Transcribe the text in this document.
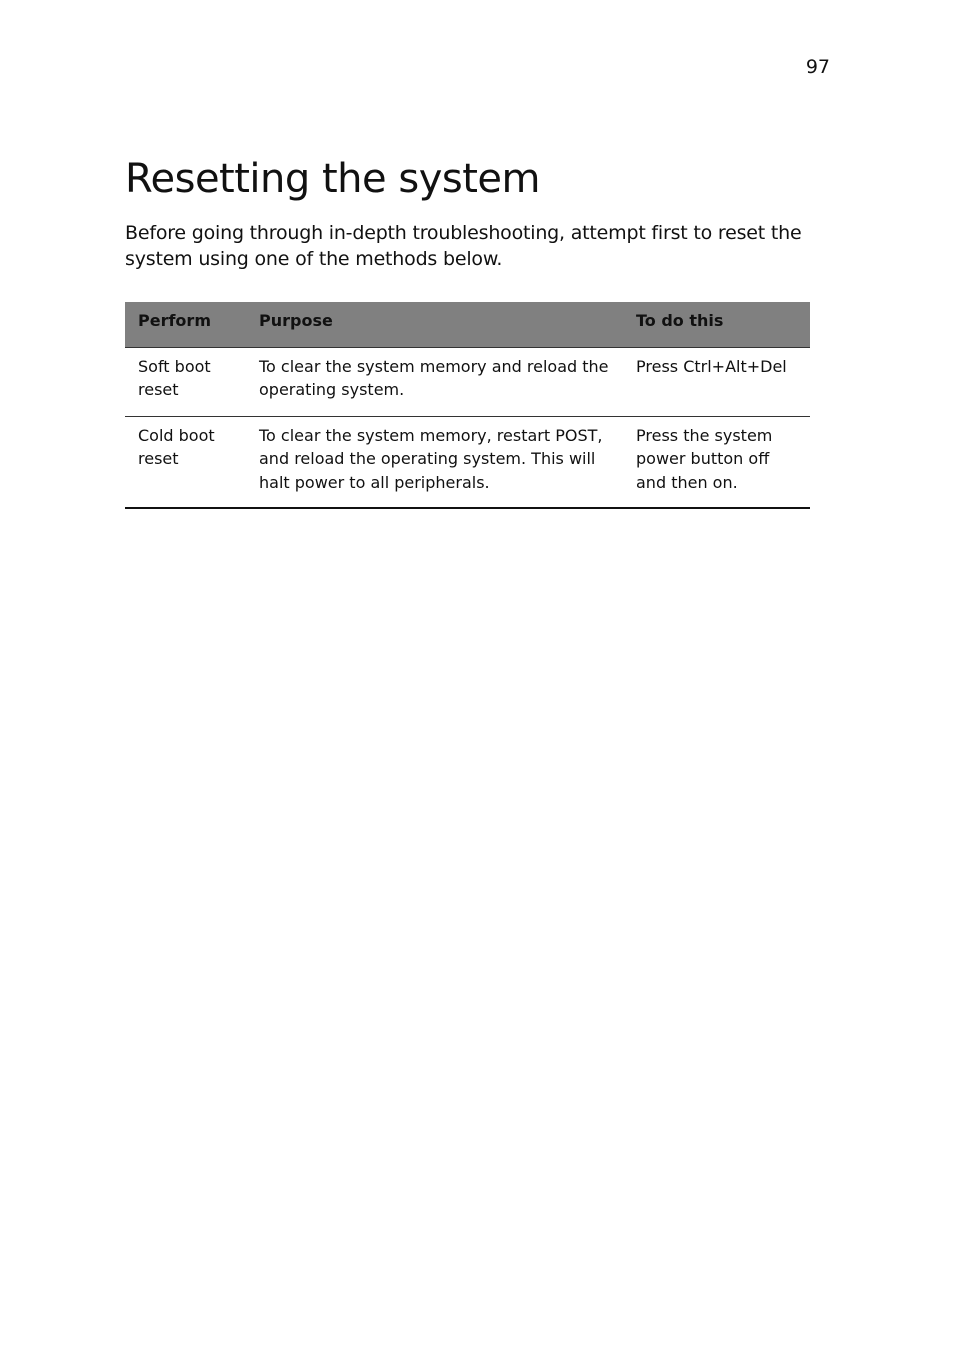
97
Resetting the system

Before going through in-depth troubleshooting, attempt first to reset the system using one of the methods below.

Perform	Purpose	To do this
Soft boot reset	To clear the system memory and reload the operating system.	Press Ctrl+Alt+Del
Cold boot reset	To clear the system memory, restart POST, and reload the operating system. This will halt power to all peripherals.	Press the system power button off and then on.
